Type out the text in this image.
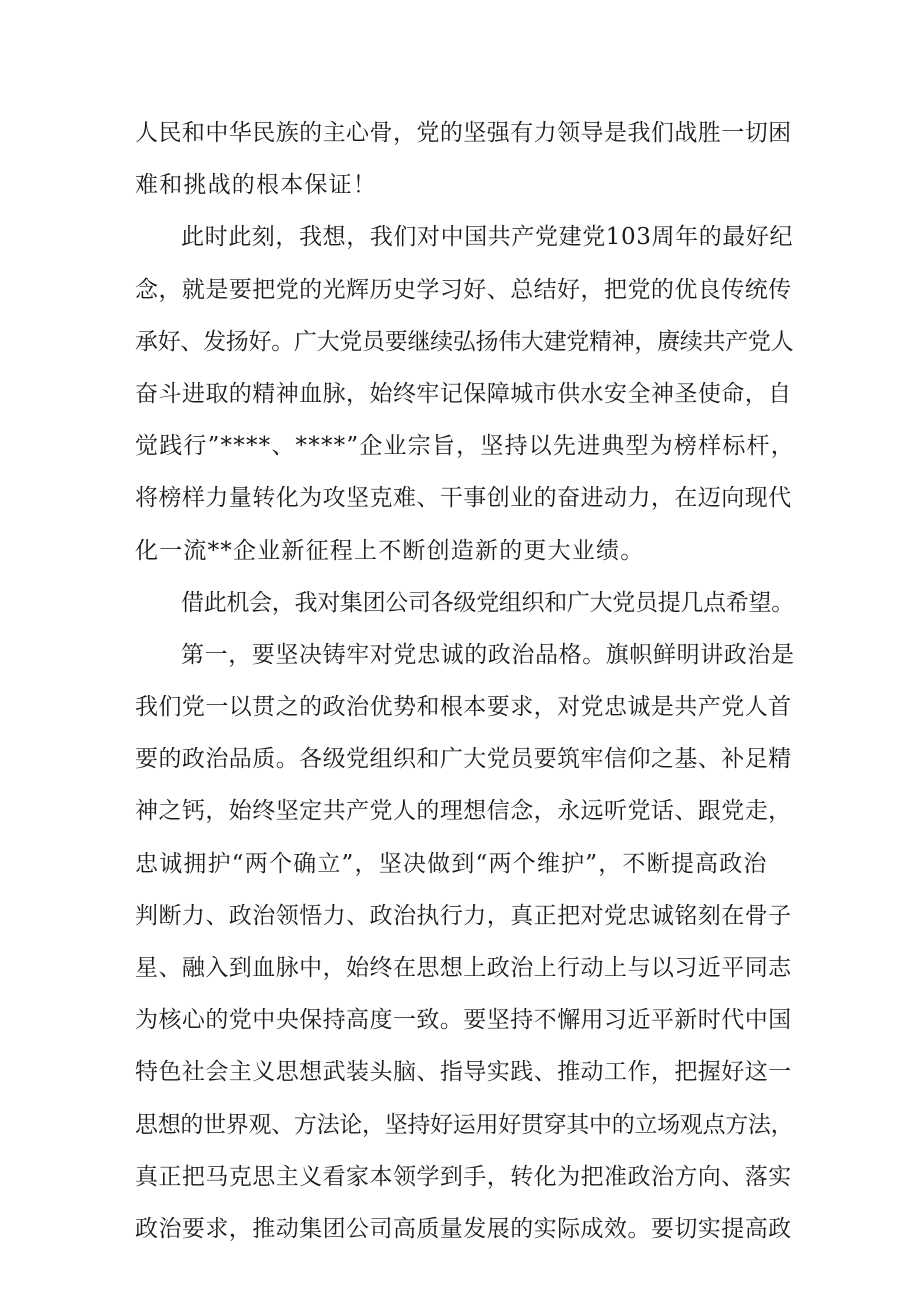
人民和中华民族的主心骨，党的坚强有力领导是我们战胜一切困
难和挑战的根本保证！
此时此刻，我想，我们对中国共产党建党103周年的最好纪
念，就是要把党的光辉历史学习好、总结好，把党的优良传统传
承好、发扬好。广大党员要继续弘扬伟大建党精神，赓续共产党人
奋斗进取的精神血脉，始终牢记保障城市供水安全神圣使命，自
觉践行”****、****”企业宗旨，坚持以先进典型为榜样标杆，
将榜样力量转化为攻坚克难、干事创业的奋进动力，在迈向现代
化一流**企业新征程上不断创造新的更大业绩。
借此机会，我对集团公司各级党组织和广大党员提几点希望。
第一，要坚决铸牢对党忠诚的政治品格。旗帜鲜明讲政治是
我们党一以贯之的政治优势和根本要求，对党忠诚是共产党人首
要的政治品质。各级党组织和广大党员要筑牢信仰之基、补足精
神之钙，始终坚定共产党人的理想信念，永远听党话、跟党走，
忠诚拥护“两个确立”，坚决做到“两个维护”，不断提高政治
判断力、政治领悟力、政治执行力，真正把对党忠诚铭刻在骨子
星、融入到血脉中，始终在思想上政治上行动上与以习近平同志
为核心的党中央保持高度一致。要坚持不懈用习近平新时代中国
特色社会主义思想武装头脑、指导实践、推动工作，把握好这一
思想的世界观、方法论，坚持好运用好贯穿其中的立场观点方法，
真正把马克思主义看家本领学到手，转化为把准政治方向、落实
政治要求，推动集团公司高质量发展的实际成效。要切实提高政
